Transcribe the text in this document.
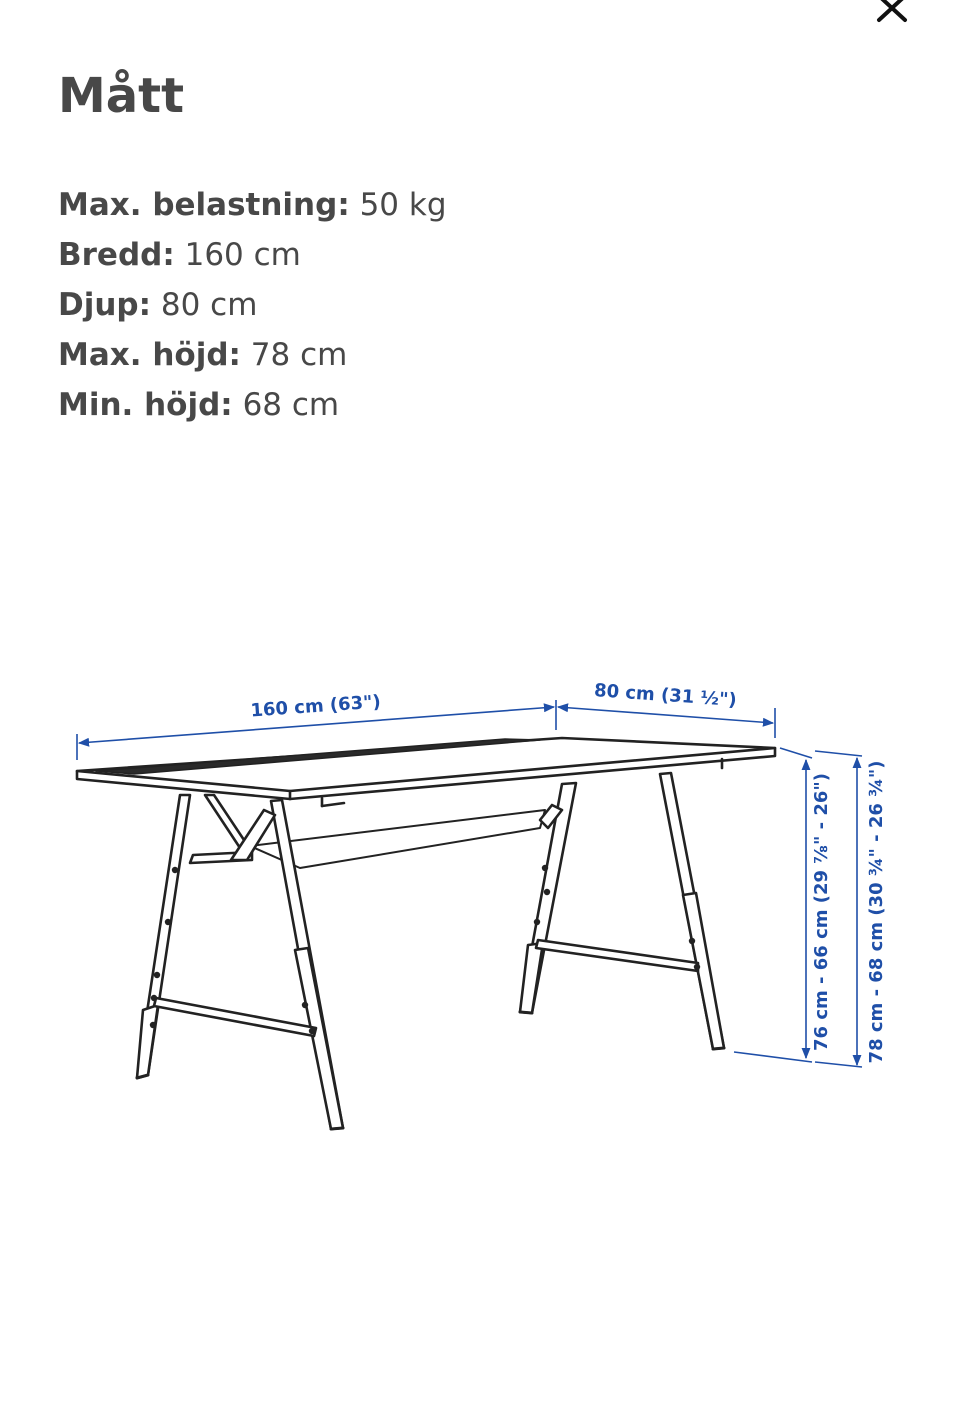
Mått
Max. belastning: 50 kg
Bredd: 160 cm
Djup: 80 cm
Max. höjd: 78 cm
Min. höjd: 68 cm
160 cm (63")	80 cm (31 ½")
76 cm - 66 cm (29 ⅞" - 26") 78 cm - 68 cm (30 ¾" - 26 ¾")
